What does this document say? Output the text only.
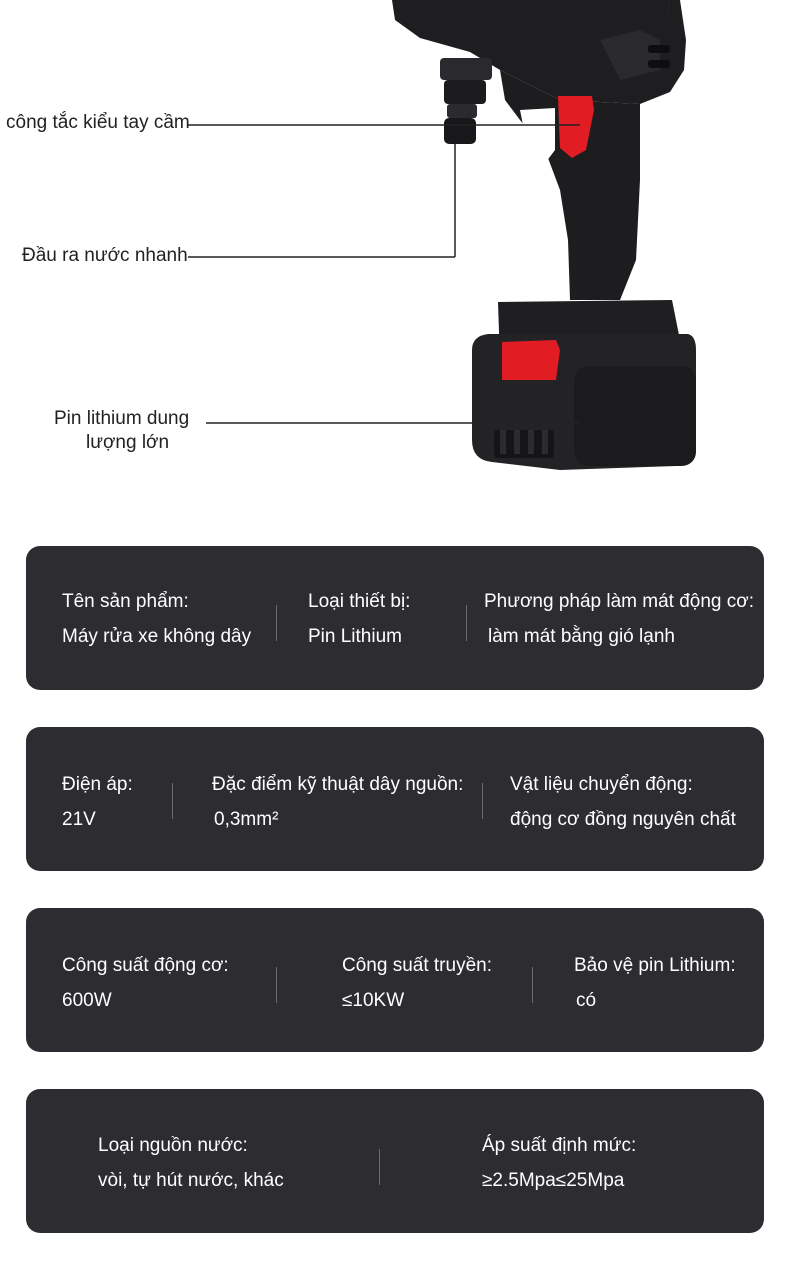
công tắc kiểu tay cầm
Đầu ra nước nhanh
Pin lithium dung
lượng lớn
Tên sản phẩm:
Máy rửa xe không dây
Loại thiết bị:
Pin Lithium
Phương pháp làm mát động cơ:
làm mát bằng gió lạnh
Điện áp:
21V
Đặc điểm kỹ thuật dây nguồn:
0,3mm²
Vật liệu chuyển động:
động cơ đồng nguyên chất
Công suất động cơ:
600W
Công suất truyền:
≤10KW
Bảo vệ pin Lithium:
có
Loại nguồn nước:
vòi, tự hút nước, khác
Áp suất định mức:
≥2.5Mpa≤25Mpa
